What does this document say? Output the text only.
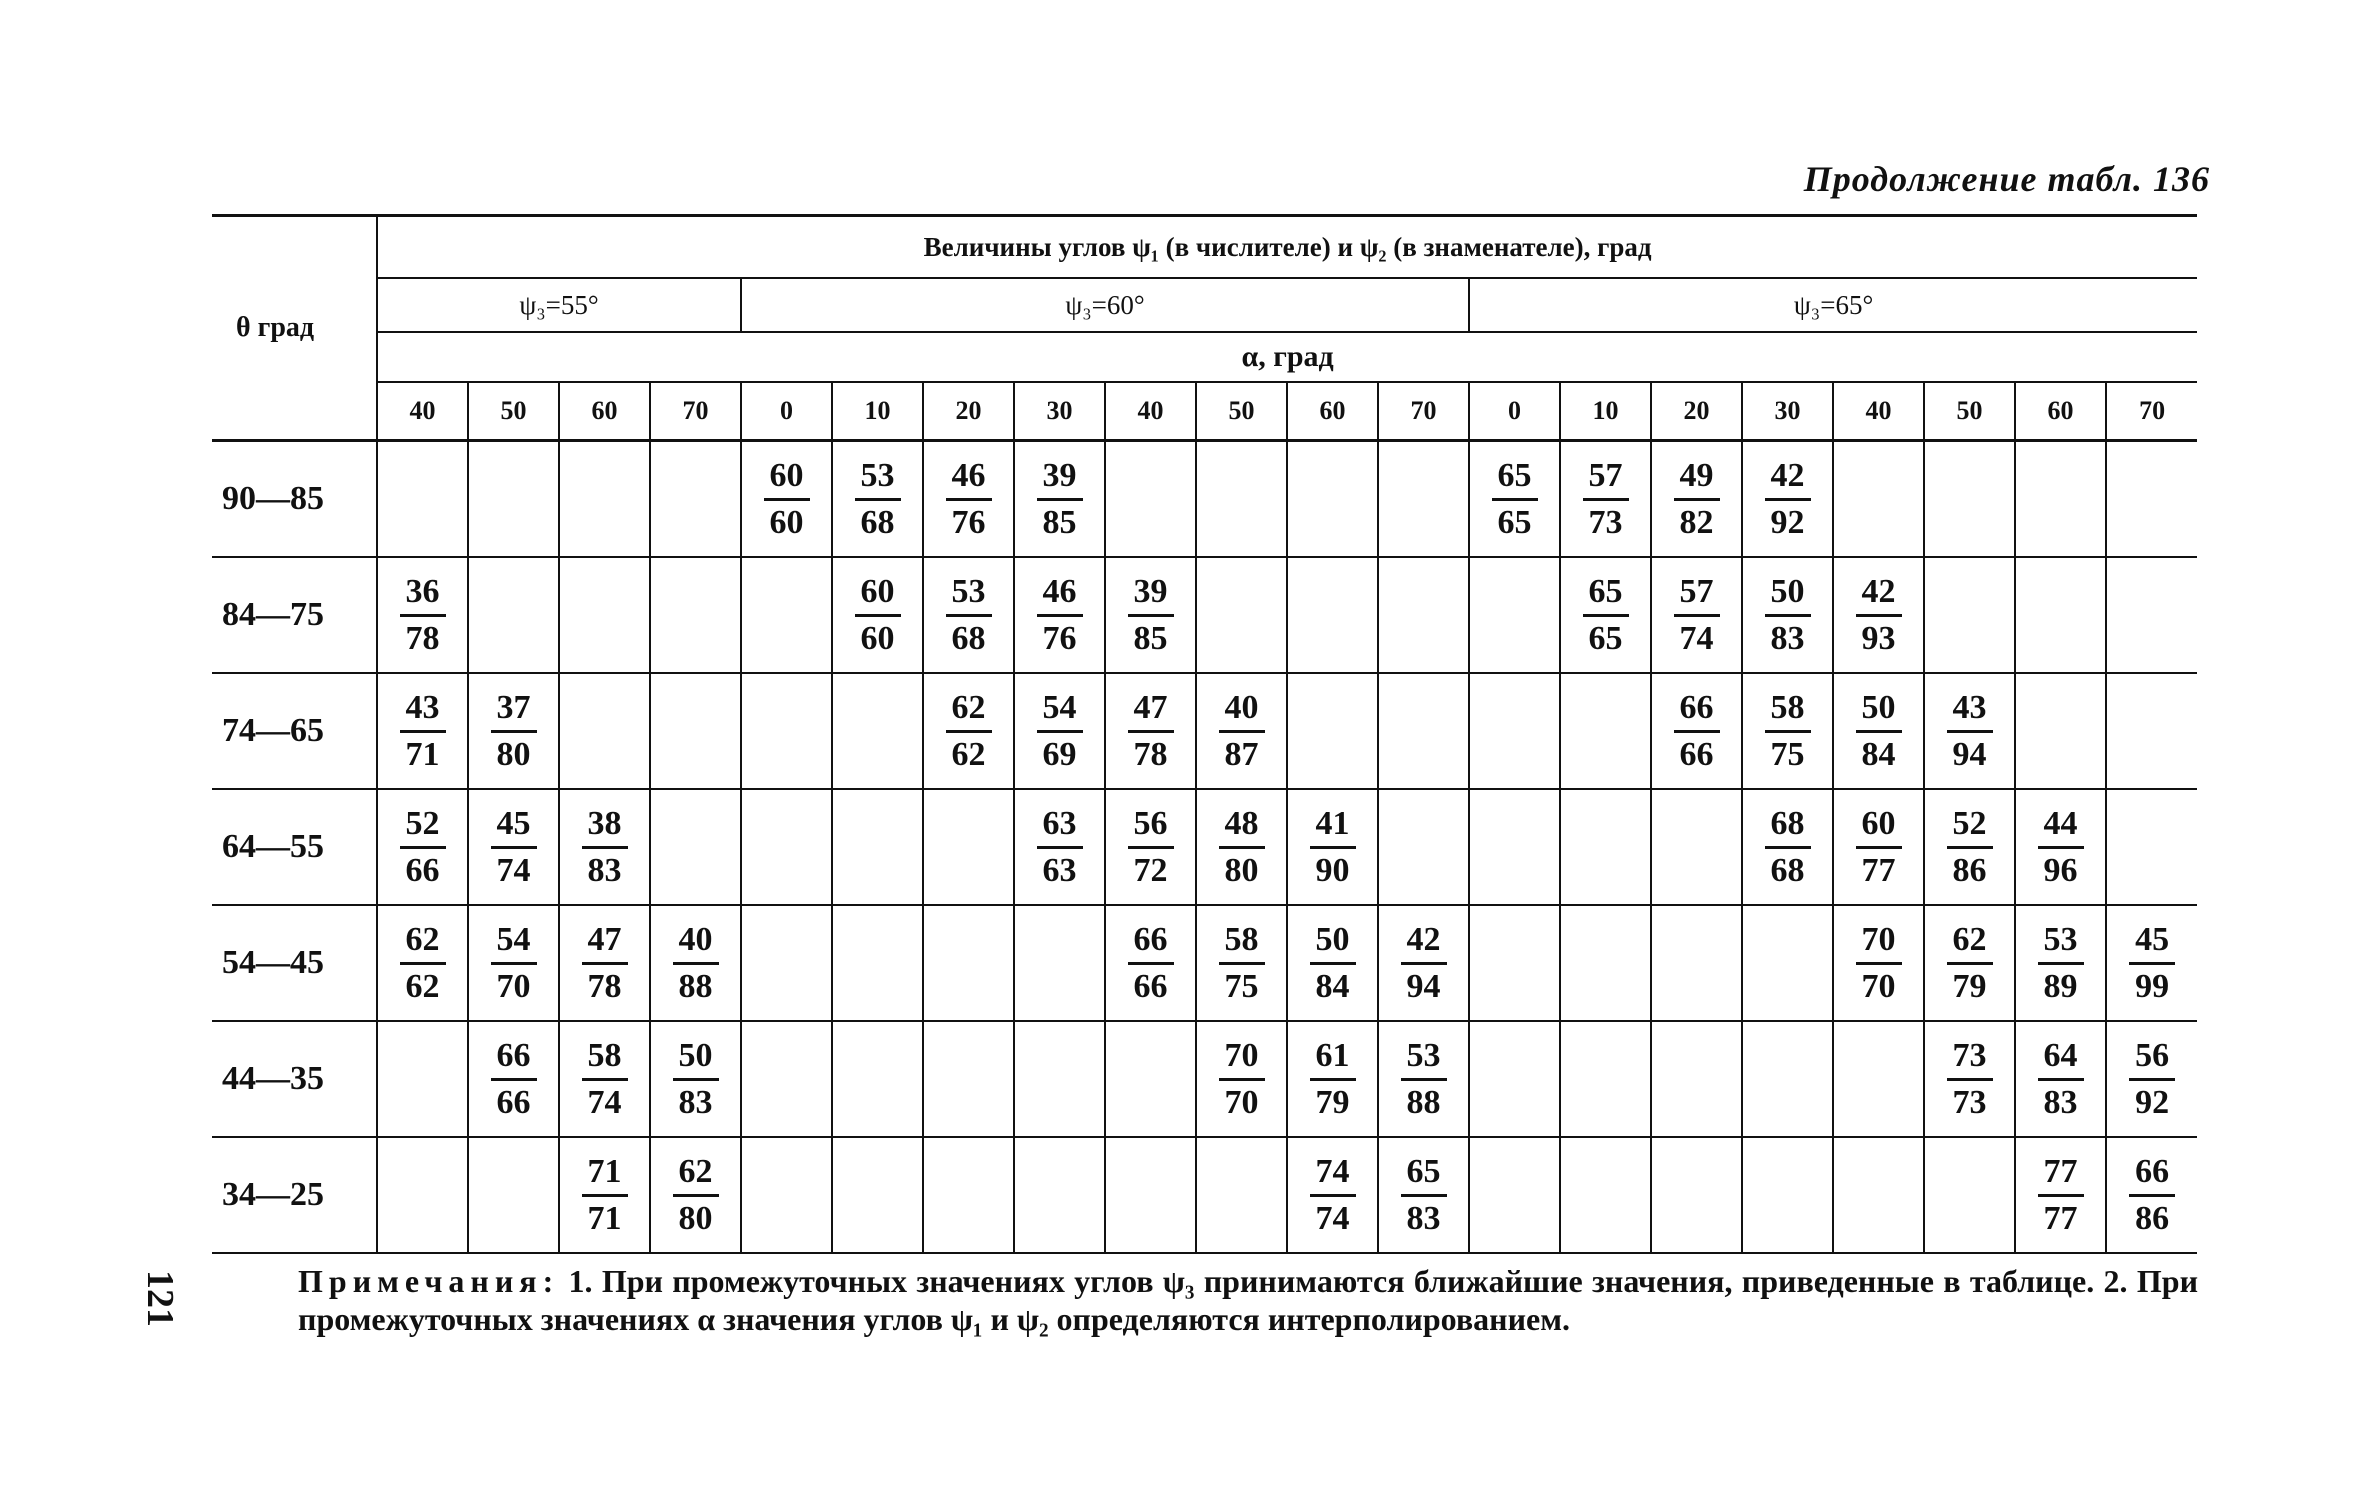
Продолжение табл. 136
θ град	Величины углов ψ₁ (в числителе) и ψ₂ (в знаменателе), град																			
	ψ₃=55°				ψ₃=60°								ψ₃=65°							
	α, град																			
	40	50	60	70	0	10	20	30	40	50	60	70	0	10	20	30	40	50	60	70
90—85					$\frac{60}{60}$	$\frac{53}{68}$	$\frac{46}{76}$	$\frac{39}{85}$					$\frac{65}{65}$	$\frac{57}{73}$	$\frac{49}{82}$	$\frac{42}{92}$

84—75	$\frac{36}{78}$					$\frac{60}{60}$	$\frac{53}{68}$	$\frac{46}{76}$	$\frac{39}{85}$					$\frac{65}{65}$	$\frac{57}{74}$	$\frac{50}{83}$	$\frac{42}{93}$

74—65	$\frac{43}{71}$	$\frac{37}{80}$					$\frac{62}{62}$	$\frac{54}{69}$	$\frac{47}{78}$	$\frac{40}{87}$					$\frac{66}{66}$	$\frac{58}{75}$	$\frac{50}{84}$	$\frac{43}{94}$

64—55	$\frac{52}{66}$	$\frac{45}{74}$	$\frac{38}{83}$					$\frac{63}{63}$	$\frac{56}{72}$	$\frac{48}{80}$	$\frac{41}{90}$					$\frac{68}{68}$	$\frac{60}{77}$	$\frac{52}{86}$	$\frac{44}{96}$

54—45	$\frac{62}{62}$	$\frac{54}{70}$	$\frac{47}{78}$	$\frac{40}{88}$					$\frac{66}{66}$	$\frac{58}{75}$	$\frac{50}{84}$	$\frac{42}{94}$					$\frac{70}{70}$	$\frac{62}{79}$	$\frac{53}{89}$	$\frac{45}{99}$

44—35		$\frac{66}{66}$	$\frac{58}{74}$	$\frac{50}{83}$						$\frac{70}{70}$	$\frac{61}{79}$	$\frac{53}{88}$						$\frac{73}{73}$	$\frac{64}{83}$	$\frac{56}{92}$

34—25			$\frac{71}{71}$	$\frac{62}{80}$							$\frac{74}{74}$	$\frac{65}{83}$							$\frac{77}{77}$	$\frac{66}{86}$
Примечания: 1. При промежуточных значениях углов ψ₃ принимаются ближайшие значения, приведенные в таблице. 2. При промежуточных значениях α значения углов ψ₁ и ψ₂ определяются интерполированием.
121
